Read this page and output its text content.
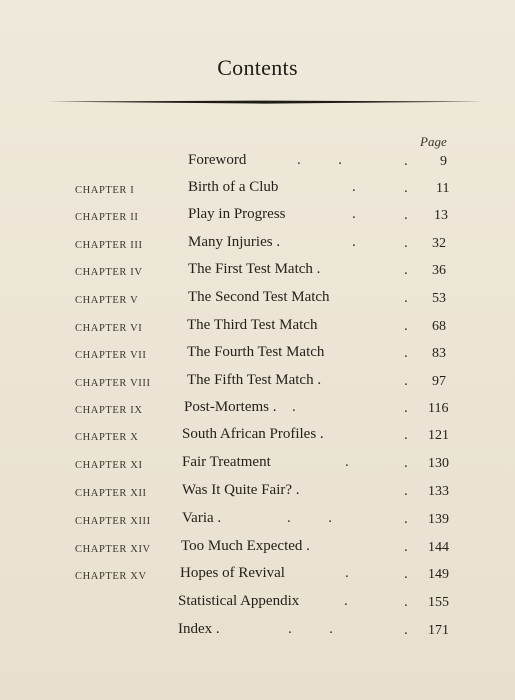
Contents
Page
Foreword	.          .	. 9
CHAPTER I	Birth of a Club	.	. 11
CHAPTER II	Play in Progress	.	. 13
CHAPTER III	Many Injuries .	.	. 32
CHAPTER IV	The First Test Match .	. 36
CHAPTER V	The Second Test Match	. 53
CHAPTER VI	The Third Test Match	. 68
CHAPTER VII	The Fourth Test Match	. 83
CHAPTER VIII The Fifth Test Match .	. 97
CHAPTER IX	Post-Mortems . .	. 116
CHAPTER X	South African Profiles .	. 121
CHAPTER XI	Fair Treatment	.	. 130
CHAPTER XII Was It Quite Fair? .	. 133
CHAPTER XIII Varia .	.          .	. 139
CHAPTER XIV Too Much Expected .	. 144
CHAPTER XV Hopes of Revival	.	. 149
Statistical Appendix	.	. 155
Index .	.          .	. 171
